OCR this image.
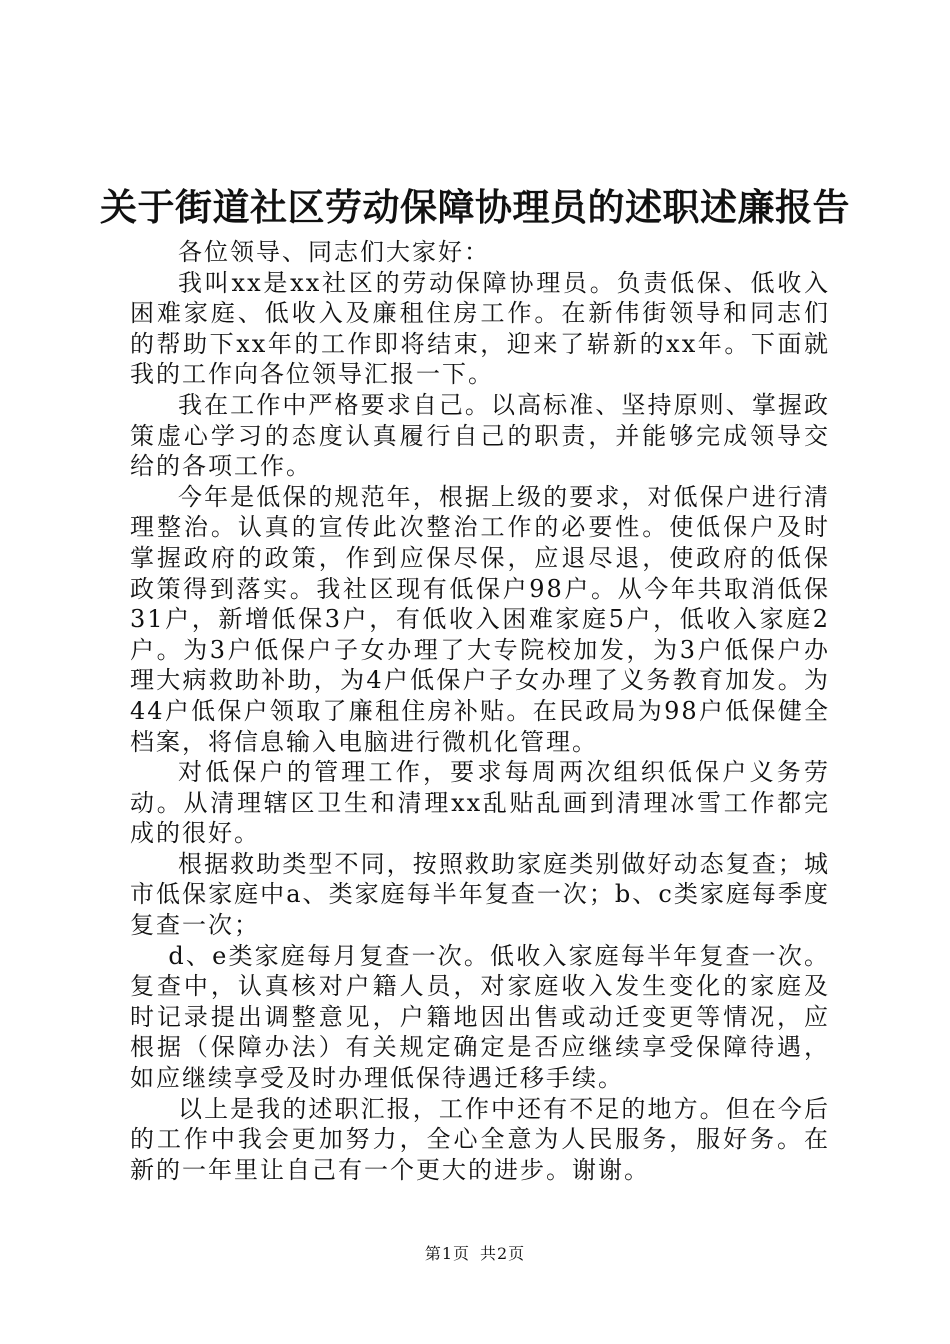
关于街道社区劳动保障协理员的述职述廉报告

各位领导、同志们大家好：

我叫xx是xx社区的劳动保障协理员。负责低保、低收入困难家庭、低收入及廉租住房工作。在新伟街领导和同志们的帮助下xx年的工作即将结束，迎来了崭新的xx年。下面就我的工作向各位领导汇报一下。

我在工作中严格要求自己。以高标准、坚持原则、掌握政策虚心学习的态度认真履行自己的职责，并能够完成领导交给的各项工作。

今年是低保的规范年，根据上级的要求，对低保户进行清理整治。认真的宣传此次整治工作的必要性。使低保户及时掌握政府的政策，作到应保尽保，应退尽退，使政府的低保政策得到落实。我社区现有低保户98户。从今年共取消低保31户，新增低保3户，有低收入困难家庭5户，低收入家庭2户。为3户低保户子女办理了大专院校加发，为3户低保户办理大病救助补助，为4户低保户子女办理了义务教育加发。为44户低保户领取了廉租住房补贴。在民政局为98户低保健全档案，将信息输入电脑进行微机化管理。

对低保户的管理工作，要求每周两次组织低保户义务劳动。从清理辖区卫生和清理xx乱贴乱画到清理冰雪工作都完成的很好。

根据救助类型不同，按照救助家庭类别做好动态复查；城市低保家庭中a、类家庭每半年复查一次；b、c类家庭每季度复查一次；

d、e类家庭每月复查一次。低收入家庭每半年复查一次。复查中，认真核对户籍人员，对家庭收入发生变化的家庭及时记录提出调整意见，户籍地因出售或动迁变更等情况，应根据（保障办法）有关规定确定是否应继续享受保障待遇，如应继续享受及时办理低保待遇迁移手续。

以上是我的述职汇报，工作中还有不足的地方。但在今后的工作中我会更加努力，全心全意为人民服务，服好务。在新的一年里让自己有一个更大的进步。谢谢。

第1页 共2页
